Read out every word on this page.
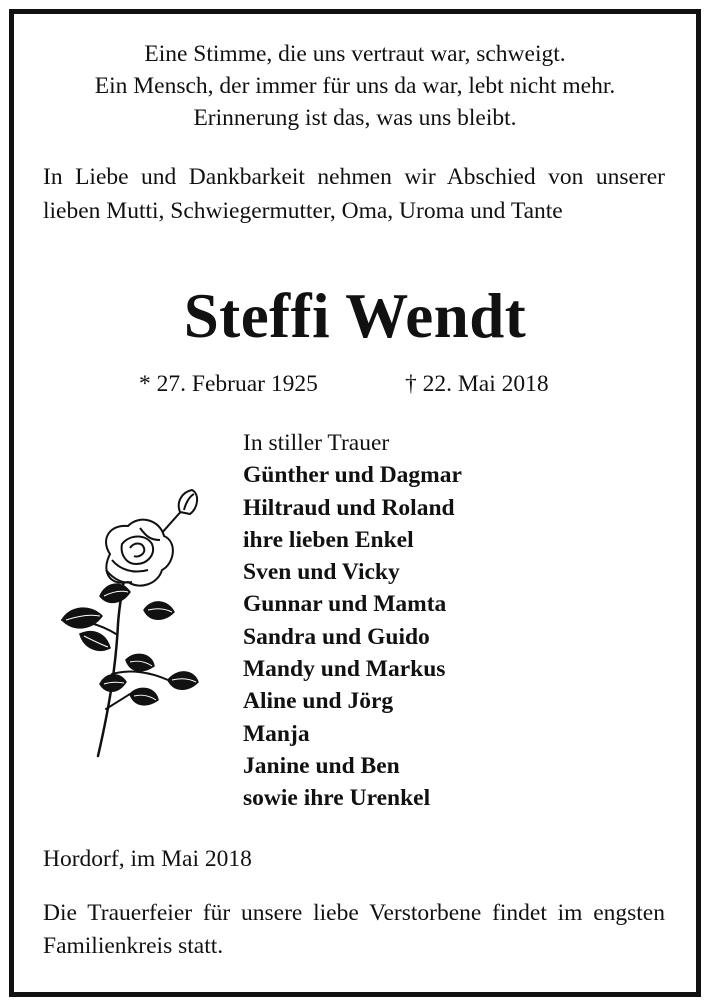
Eine Stimme, die uns vertraut war, schweigt.
Ein Mensch, der immer für uns da war, lebt nicht mehr.
Erinnerung ist das, was uns bleibt.
In Liebe und Dankbarkeit nehmen wir Abschied von unserer lieben Mutti, Schwiegermutter, Oma, Uroma und Tante
Steffi Wendt
* 27. Februar 1925	† 22. Mai 2018
In stiller Trauer
Günther und Dagmar
Hiltraud und Roland
ihre lieben Enkel
Sven und Vicky
Gunnar und Mamta
Sandra und Guido
Mandy und Markus
Aline und Jörg
Manja
Janine und Ben
sowie ihre Urenkel
Hordorf, im Mai 2018
Die Trauerfeier für unsere liebe Verstorbene findet im engsten Familienkreis statt.
